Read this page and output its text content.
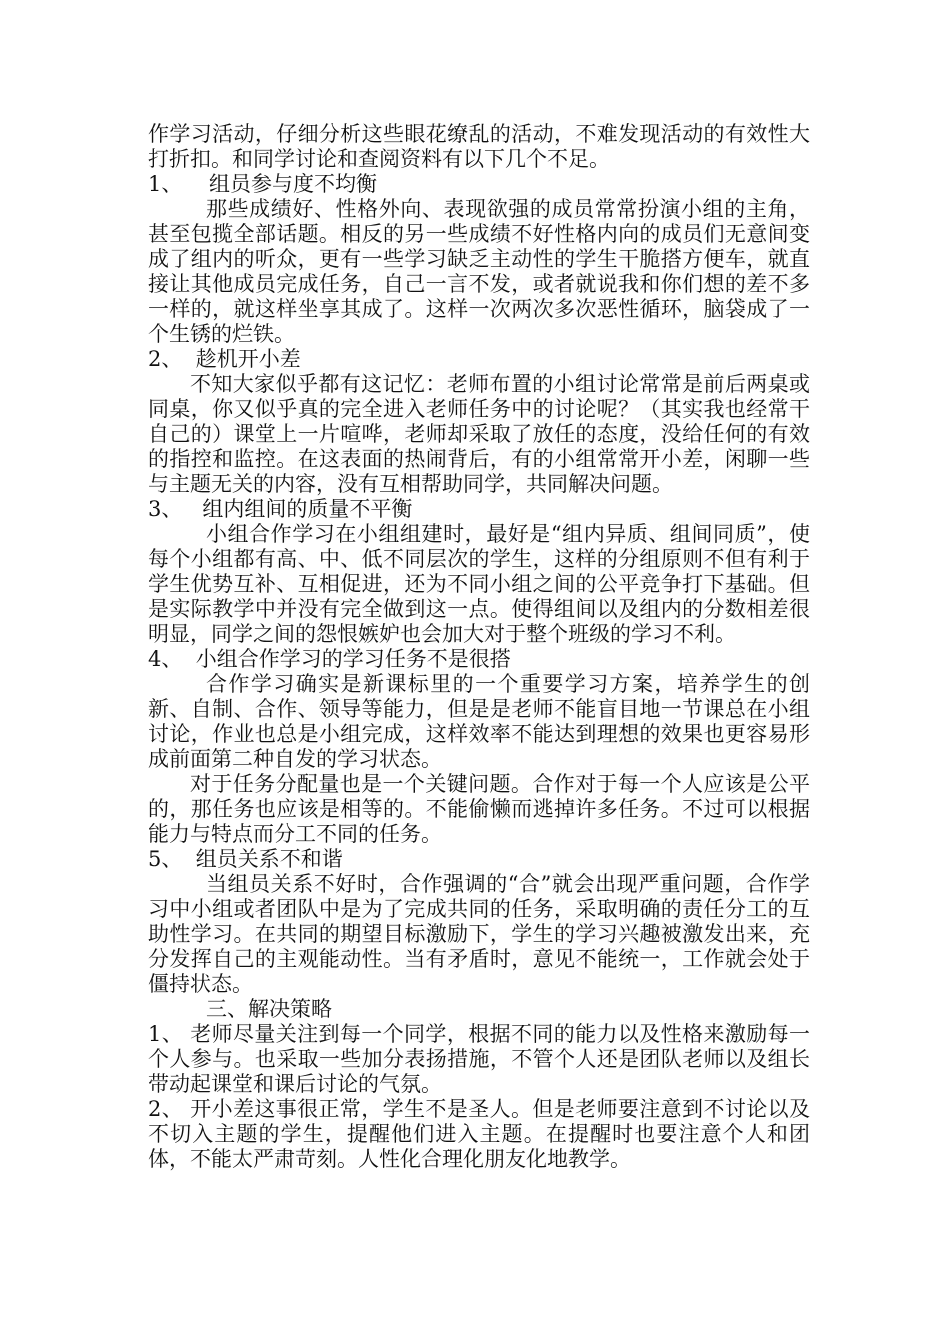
作学习活动，仔细分析这些眼花缭乱的活动，不难发现活动的有效性大打折扣。和同学讨论和查阅资料有以下几个不足。

1、    组员参与度不均衡

那些成绩好、性格外向、表现欲强的成员常常扮演小组的主角，甚至包揽全部话题。相反的另一些成绩不好性格内向的成员们无意间变成了组内的听众，更有一些学习缺乏主动性的学生干脆搭方便车，就直接让其他成员完成任务，自己一言不发，或者就说我和你们想的差不多一样的，就这样坐享其成了。这样一次两次多次恶性循环，脑袋成了一个生锈的烂铁。

2、  趁机开小差

不知大家似乎都有这记忆：老师布置的小组讨论常常是前后两桌或同桌，你又似乎真的完全进入老师任务中的讨论呢？（其实我也经常干自己的）课堂上一片喧哗，老师却采取了放任的态度，没给任何的有效的指控和监控。在这表面的热闹背后，有的小组常常开小差，闲聊一些与主题无关的内容，没有互相帮助同学，共同解决问题。

3、   组内组间的质量不平衡

小组合作学习在小组组建时，最好是“组内异质、组间同质”，使每个小组都有高、中、低不同层次的学生，这样的分组原则不但有利于学生优势互补、互相促进，还为不同小组之间的公平竞争打下基础。但是实际教学中并没有完全做到这一点。使得组间以及组内的分数相差很明显，同学之间的怨恨嫉妒也会加大对于整个班级的学习不利。

4、  小组合作学习的学习任务不是很搭

合作学习确实是新课标里的一个重要学习方案，培养学生的创新、自制、合作、领导等能力，但是是老师不能盲目地一节课总在小组讨论，作业也总是小组完成，这样效率不能达到理想的效果也更容易形成前面第二种自发的学习状态。

对于任务分配量也是一个关键问题。合作对于每一个人应该是公平的，那任务也应该是相等的。不能偷懒而逃掉许多任务。不过可以根据能力与特点而分工不同的任务。

5、  组员关系不和谐

当组员关系不好时，合作强调的“合”就会出现严重问题，合作学习中小组或者团队中是为了完成共同的任务，采取明确的责任分工的互助性学习。在共同的期望目标激励下，学生的学习兴趣被激发出来，充分发挥自己的主观能动性。当有矛盾时，意见不能统一，工作就会处于僵持状态。

三、解决策略

1、 老师尽量关注到每一个同学，根据不同的能力以及性格来激励每一个人参与。也采取一些加分表扬措施，不管个人还是团队老师以及组长带动起课堂和课后讨论的气氛。

2、 开小差这事很正常，学生不是圣人。但是老师要注意到不讨论以及不切入主题的学生，提醒他们进入主题。在提醒时也要注意个人和团体，不能太严肃苛刻。人性化合理化朋友化地教学。
